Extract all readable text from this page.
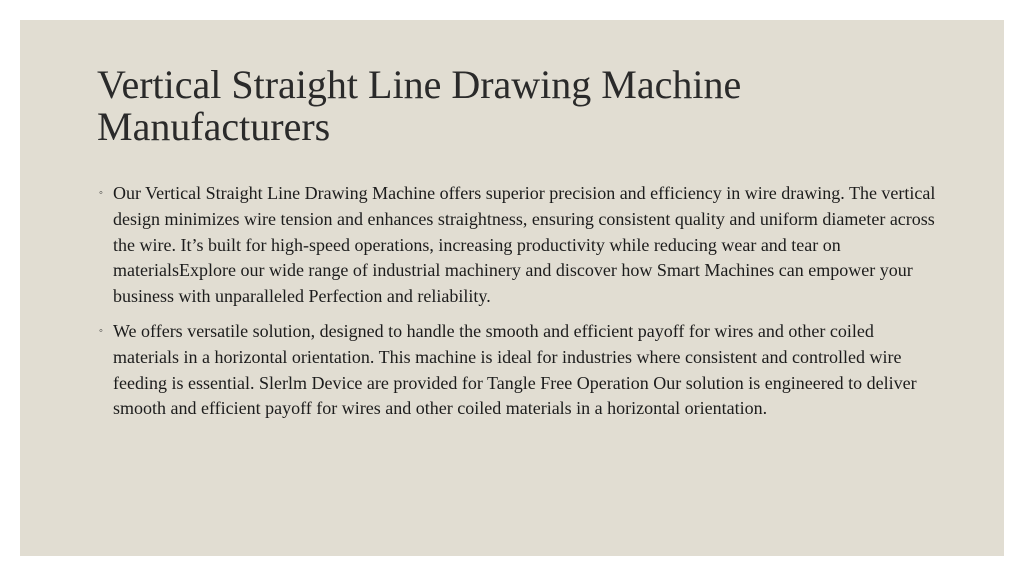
Vertical Straight Line Drawing Machine Manufacturers
◦ Our Vertical Straight Line Drawing Machine offers superior precision and efficiency in wire drawing. The vertical design minimizes wire tension and enhances straightness, ensuring consistent quality and uniform diameter across the wire. It’s built for high-speed operations, increasing productivity while reducing wear and tear on materialsExplore our wide range of industrial machinery and discover how Smart Machines can empower your business with unparalleled Perfection and reliability.
◦ We offers versatile solution, designed to handle the smooth and efficient payoff for wires and other coiled materials in a horizontal orientation. This machine is ideal for industries where consistent and controlled wire feeding is essential. Slerlm Device are provided for Tangle Free Operation Our solution is engineered to deliver smooth and efficient payoff for wires and other coiled materials in a horizontal orientation.
